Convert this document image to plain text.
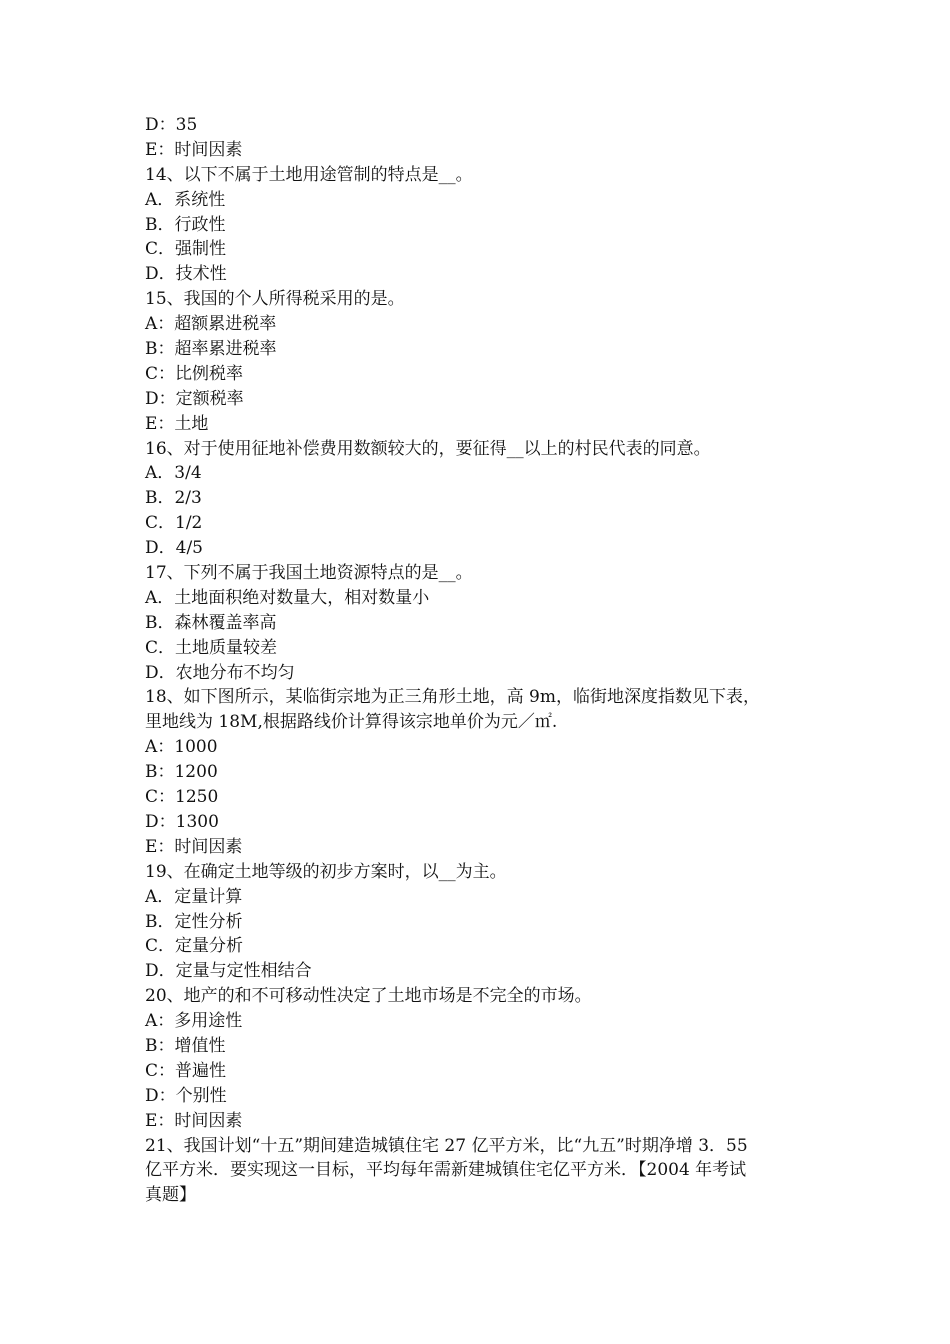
D：35
E：时间因素
14、以下不属于土地用途管制的特点是__。
A．系统性
B．行政性
C．强制性
D．技术性
15、我国的个人所得税采用的是。
A：超额累进税率
B：超率累进税率
C：比例税率
D：定额税率
E：土地
16、对于使用征地补偿费用数额较大的，要征得__以上的村民代表的同意。
A．3/4
B．2/3
C．1/2
D．4/5
17、下列不属于我国土地资源特点的是__。
A．土地面积绝对数量大，相对数量小
B．森林覆盖率高
C．土地质量较差
D．农地分布不均匀
18、如下图所示，某临街宗地为正三角形土地，高 9m，临街地深度指数见下表，
里地线为 18M,根据路线价计算得该宗地单价为元／㎡.
A：1000
B：1200
C：1250
D：1300
E：时间因素
19、在确定土地等级的初步方案时，以__为主。
A．定量计算
B．定性分析
C．定量分析
D．定量与定性相结合
20、地产的和不可移动性决定了土地市场是不完全的市场。
A：多用途性
B：增值性
C：普遍性
D：个别性
E：时间因素
21、我国计划“十五”期间建造城镇住宅 27 亿平方米，比“九五”时期净增 3．55
亿平方米．要实现这一目标，平均每年需新建城镇住宅亿平方米．【2004 年考试
真题】
